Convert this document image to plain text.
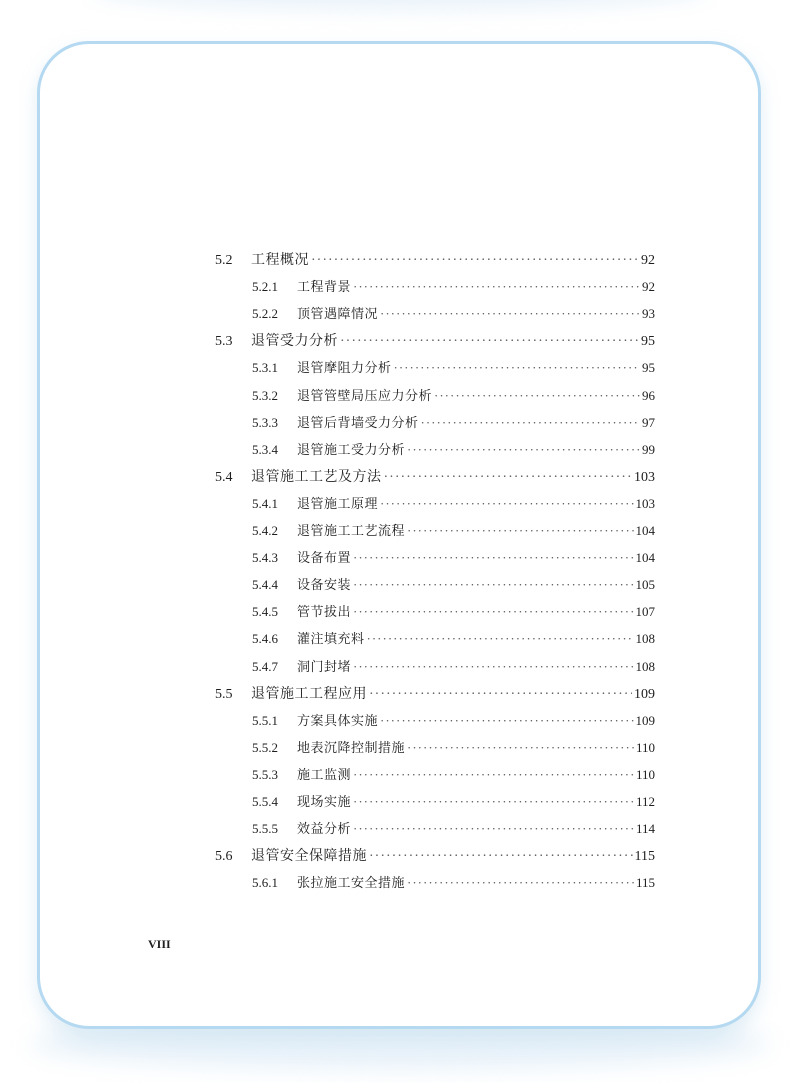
5.2	工程概况 ·····	92
5.2.1	工程背景 ·····	92
5.2.2	顶管遇障情况 ·····	93
5.3	退管受力分析 ·····	95
5.3.1	退管摩阻力分析 ·····	95
5.3.2	退管管壁局压应力分析 ·····	96
5.3.3	退管后背墙受力分析 ·····	97
5.3.4	退管施工受力分析 ·····	99
5.4	退管施工工艺及方法 ·····	103
5.4.1	退管施工原理 ·····	103
5.4.2	退管施工工艺流程 ·····	104
5.4.3	设备布置 ·····	104
5.4.4	设备安装 ·····	105
5.4.5	管节拔出 ·····	107
5.4.6	灌注填充料 ·····	108
5.4.7	洞门封堵 ·····	108
5.5	退管施工工程应用 ·····	109
5.5.1	方案具体实施 ·····	109
5.5.2	地表沉降控制措施 ·····	110
5.5.3	施工监测 ·····	110
5.5.4	现场实施 ·····	112
5.5.5	效益分析 ·····	114
5.6	退管安全保障措施 ·····	115
5.6.1	张拉施工安全措施 ·····	115
VIII
